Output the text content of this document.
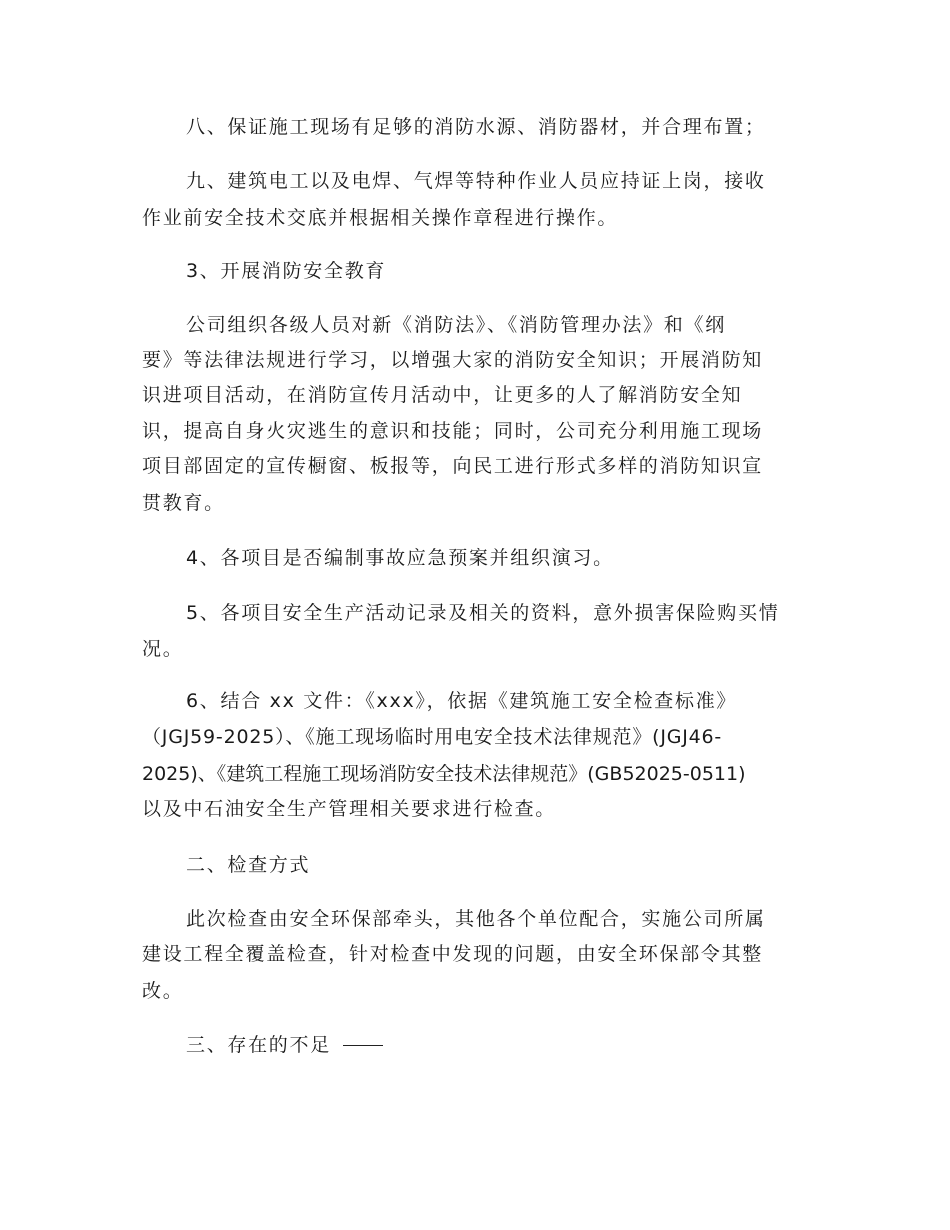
八、保证施工现场有足够的消防水源、消防器材，并合理布置；

九、建筑电工以及电焊、气焊等特种作业人员应持证上岗，接收

作业前安全技术交底并根据相关操作章程进行操作。

3、开展消防安全教育

公司组织各级人员对新《消防法》、《消防管理办法》和《纲

要》等法律法规进行学习，以增强大家的消防安全知识；开展消防知

识进项目活动，在消防宣传月活动中，让更多的人了解消防安全知

识，提高自身火灾逃生的意识和技能；同时，公司充分利用施工现场

项目部固定的宣传橱窗、板报等，向民工进行形式多样的消防知识宣

贯教育。

4、各项目是否编制事故应急预案并组织演习。

5、各项目安全生产活动记录及相关的资料，意外损害保险购买情

况。

6、结合 xx 文件：《xxx》，依据《建筑施工安全检查标准》

（JGJ59-2025）、《施工现场临时用电安全技术法律规范》(JGJ46-

2025)、《建筑工程施工现场消防安全技术法律规范》(GB52025-0511)

以及中石油安全生产管理相关要求进行检查。

二、检查方式

此次检查由安全环保部牵头，其他各个单位配合，实施公司所属

建设工程全覆盖检查，针对检查中发现的问题，由安全环保部令其整

改。

三、存在的不足
